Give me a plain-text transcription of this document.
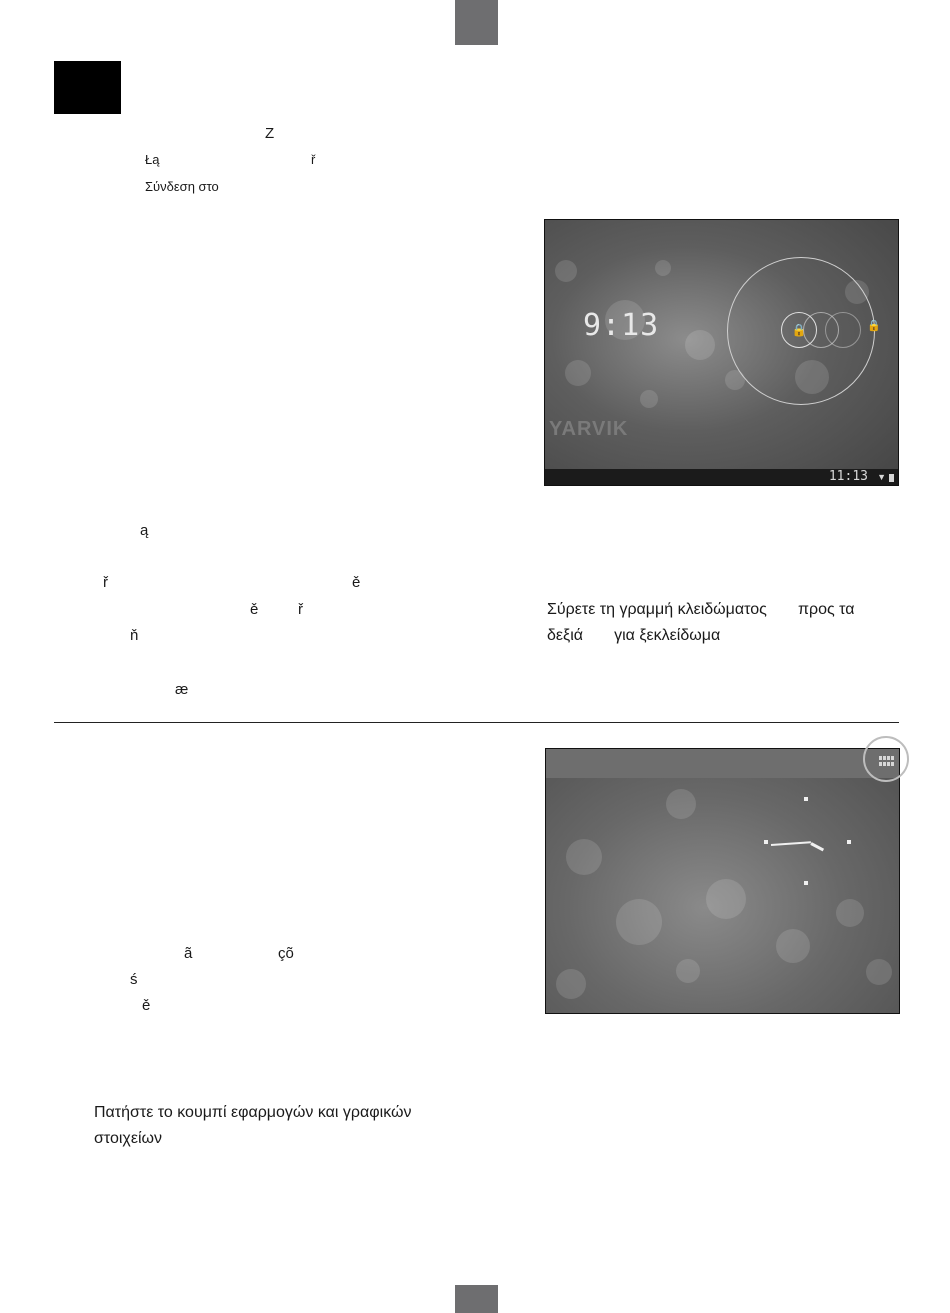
Z
Łą	ř
Σύνδεση στο
9:13
YARVIK
🔒	🔒
11:13 ▼
ą
ř	ě
ě	ř
ň
æ
Σύρετε τη γραμμή κλειδώματος       προς τα
δεξιά       για ξεκλείδωμα
ã	çõ
ś
ě
Πατήστε το κουμπί εφαρμογών και γραφικών
στοιχείων
